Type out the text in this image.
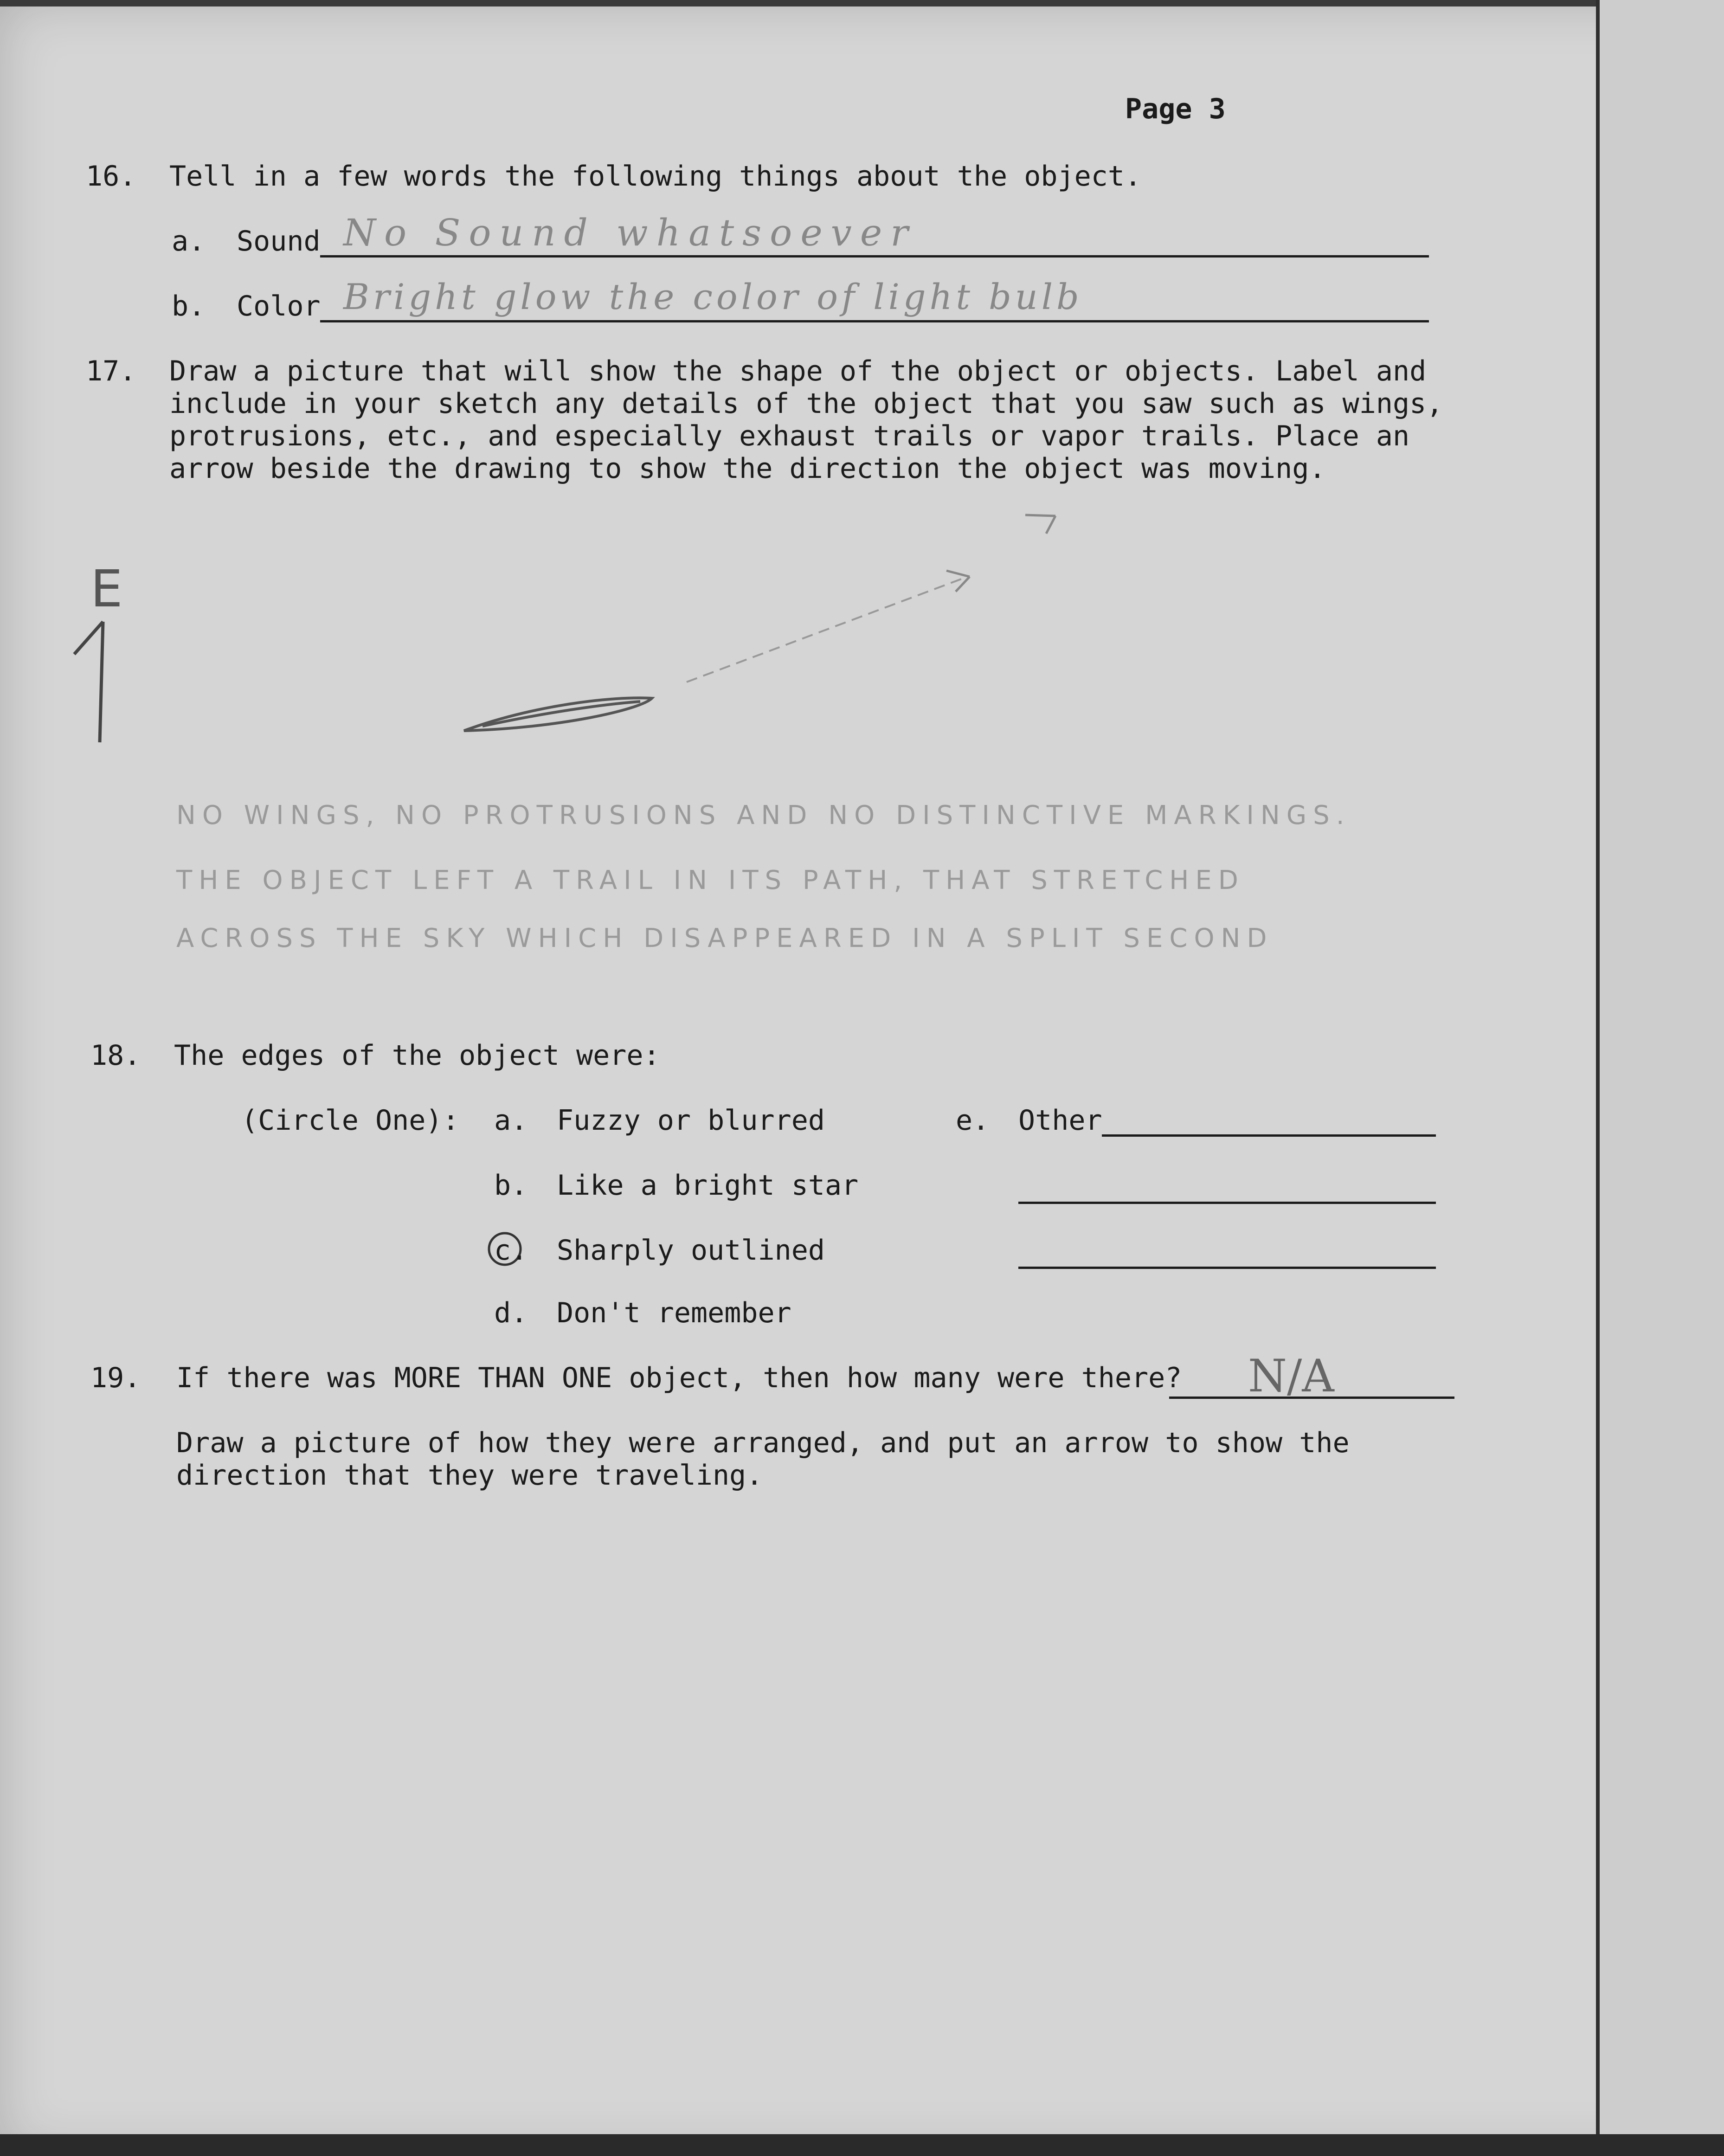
Page 3
16. Tell in a few words the following things about the object.
a. Sound No Sound whatsoever
b. Color Bright glow the color of light bulb
17. Draw a picture that will show the shape of the object or objects. Label and
include in your sketch any details of the object that you saw such as wings,
protrusions, etc., and especially exhaust trails or vapor trails. Place an
arrow beside the drawing to show the direction the object was moving.
E
NO WINGS, NO PROTRUSIONS AND NO DISTINCTIVE MARKINGS.
THE OBJECT LEFT A TRAIL IN ITS PATH, THAT STRETCHED
ACROSS THE SKY WHICH DISAPPEARED IN A SPLIT SECOND
18. The edges of the object were:
(Circle One): a. Fuzzy or blurred
b. Like a bright star
c. Sharply outlined
d. Don't remember
e. Other
19. If there was MORE THAN ONE object, then how many were there? N/A
Draw a picture of how they were arranged, and put an arrow to show the
direction that they were traveling.
